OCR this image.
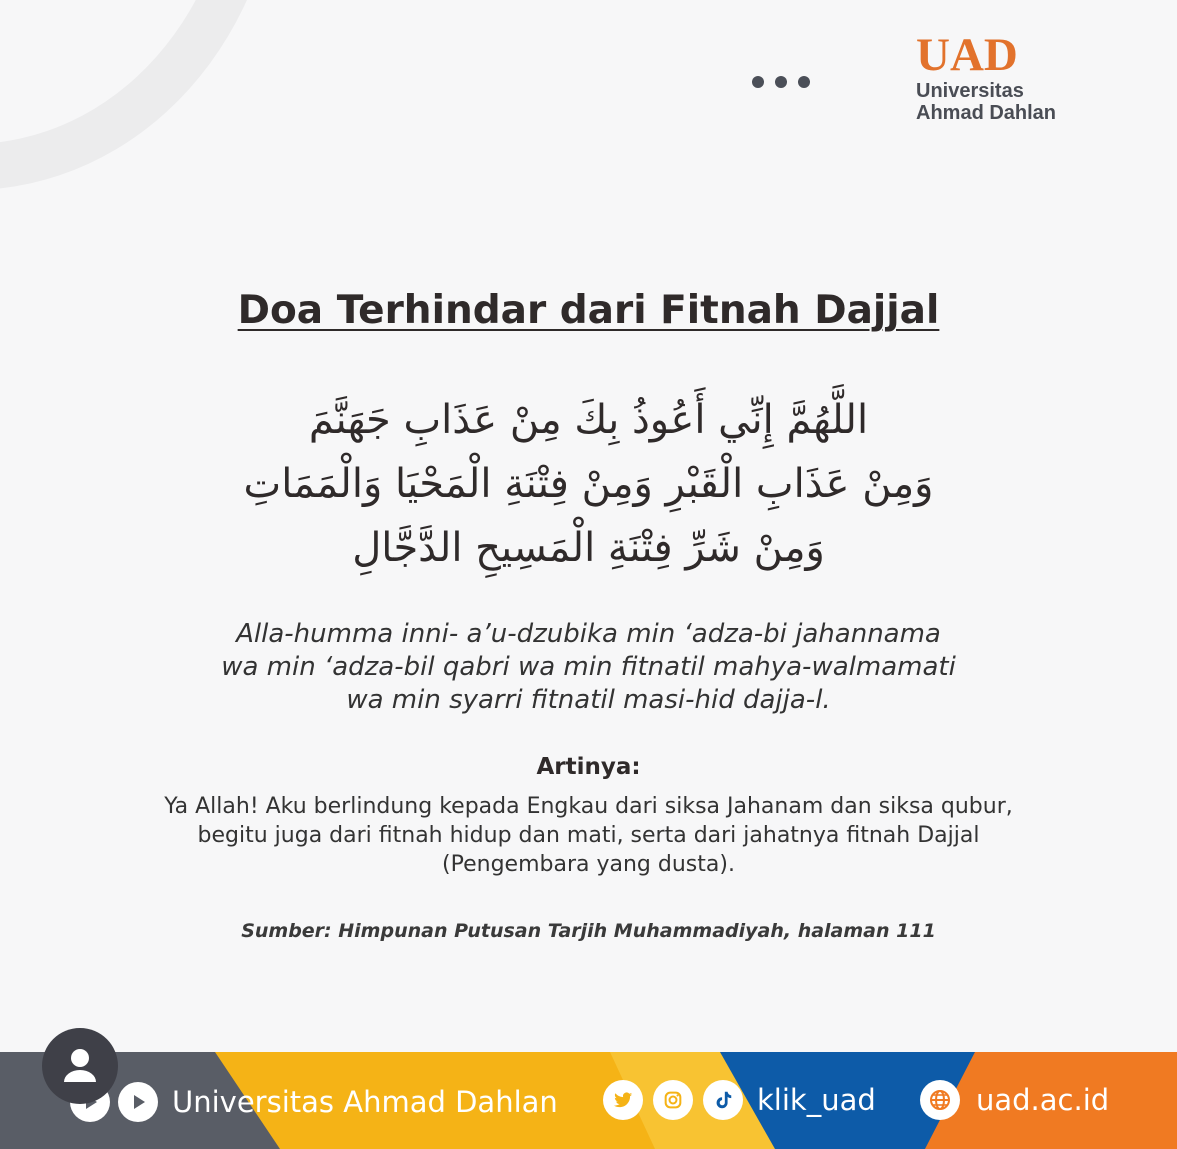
UAD
Universitas
Ahmad Dahlan
Doa Terhindar dari Fitnah Dajjal
اللَّهُمَّ إِنِّي أَعُوذُ بِكَ مِنْ عَذَابِ جَهَنَّمَ
وَمِنْ عَذَابِ الْقَبْرِ وَمِنْ فِتْنَةِ الْمَحْيَا وَالْمَمَاتِ
وَمِنْ شَرِّ فِتْنَةِ الْمَسِيحِ الدَّجَّالِ
Alla-humma inni- a’u-dzubika min ‘adza-bi jahannama
wa min ‘adza-bil qabri wa min fitnatil mahya-walmamati
wa min syarri fitnatil masi-hid dajja-l.
Artinya:
Ya Allah! Aku berlindung kepada Engkau dari siksa Jahanam dan siksa qubur,
begitu juga dari fitnah hidup dan mati, serta dari jahatnya fitnah Dajjal
(Pengembara yang dusta).
Sumber: Himpunan Putusan Tarjih Muhammadiyah, halaman 111
Universitas Ahmad Dahlan	klik_uad	uad.ac.id
